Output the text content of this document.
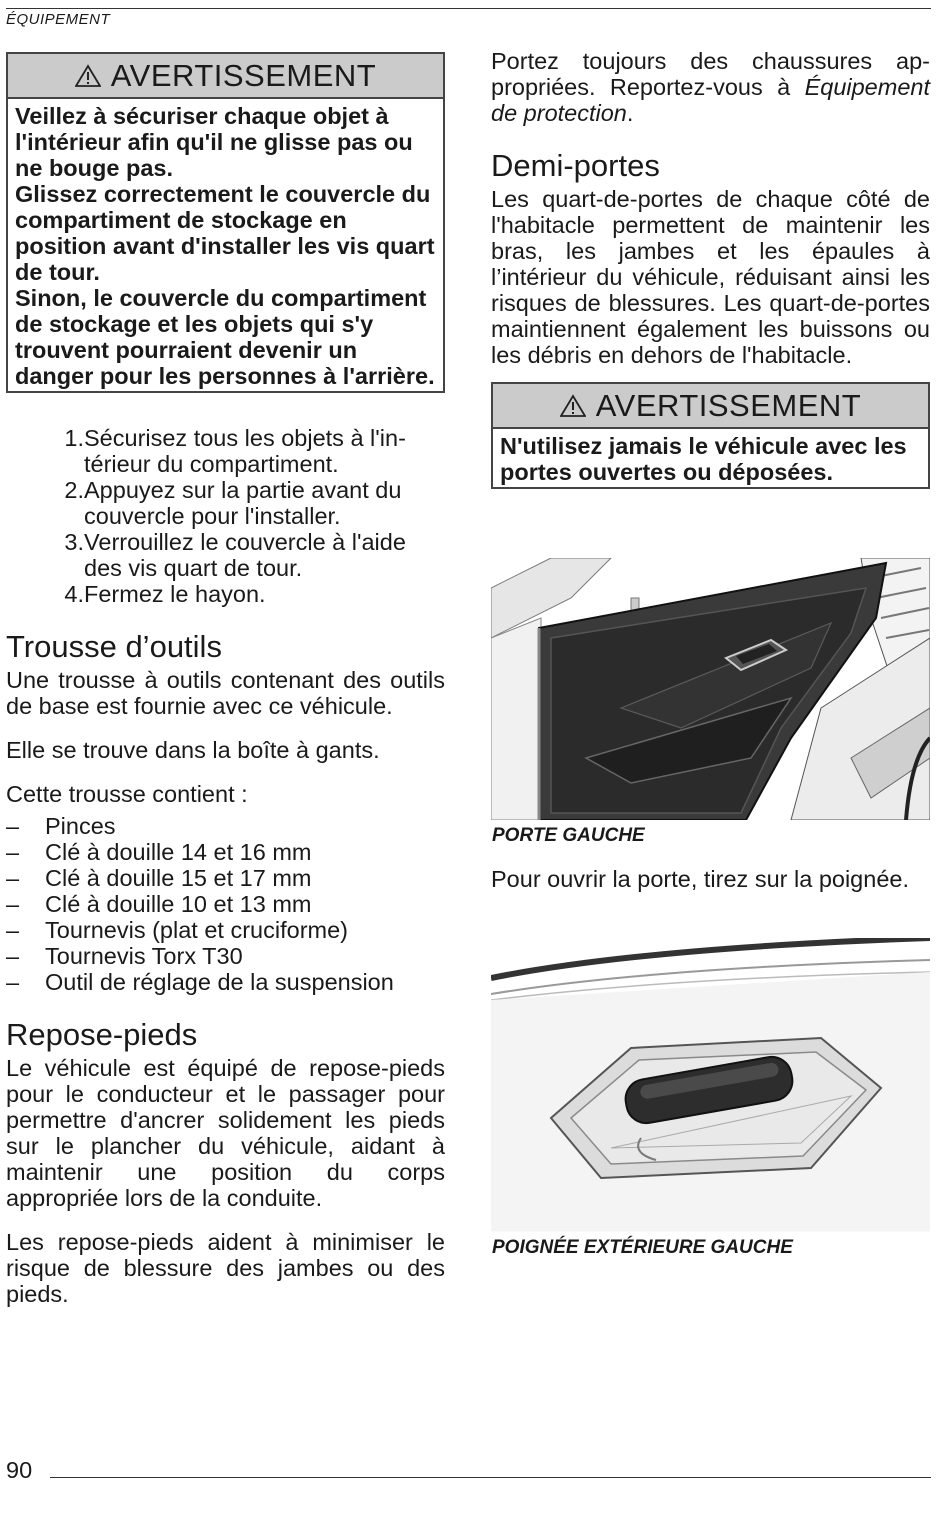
ÉQUIPEMENT
AVERTISSEMENT

Veillez à sécuriser chaque objet à l'intérieur afin qu'il ne glisse pas ou ne bouge pas.

Glissez correctement le couvercle du compartiment de stockage en position avant d'installer les vis quart de tour.

Sinon, le couvercle du compartiment de stockage et les objets qui s'y trouvent pourraient devenir un danger pour les personnes à l'arrière.

1. Sécurisez tous les objets à l'intérieur du compartiment.
2. Appuyez sur la partie avant du couvercle pour l'installer.
3. Verrouillez le couvercle à l'aide des vis quart de tour.
4. Fermez le hayon.
Trousse d’outils

Une trousse à outils contenant des outils de base est fournie avec ce véhicule.

Elle se trouve dans la boîte à gants.

Cette trousse contient :

–	Pinces
–	Clé à douille 14 et 16 mm
–	Clé à douille 15 et 17 mm
–	Clé à douille 10 et 13 mm
–	Tournevis (plat et cruciforme)
–	Tournevis Torx T30
–	Outil de réglage de la suspension
Repose-pieds

Le véhicule est équipé de repose-pieds pour le conducteur et le passager pour permettre d'ancrer solidement les pieds sur le plancher du véhicule, aidant à maintenir une position du corps appropriée lors de la conduite.

Les repose-pieds aident à minimiser le risque de blessure des jambes ou des pieds.

Portez toujours des chaussures appropriées. Reportez-vous à Équipement de protection.

Demi-portes

Les quart-de-portes de chaque côté de l'habitacle permettent de maintenir les bras, les jambes et les épaules à l’intérieur du véhicule, réduisant ainsi les risques de blessures. Les quart-de-portes maintiennent également les buissons ou les débris en dehors de l'habitacle.

AVERTISSEMENT

N'utilisez jamais le véhicule avec les portes ouvertes ou déposées.

PORTE GAUCHE

Pour ouvrir la porte, tirez sur la poignée.

POIGNÉE EXTÉRIEURE GAUCHE
90
